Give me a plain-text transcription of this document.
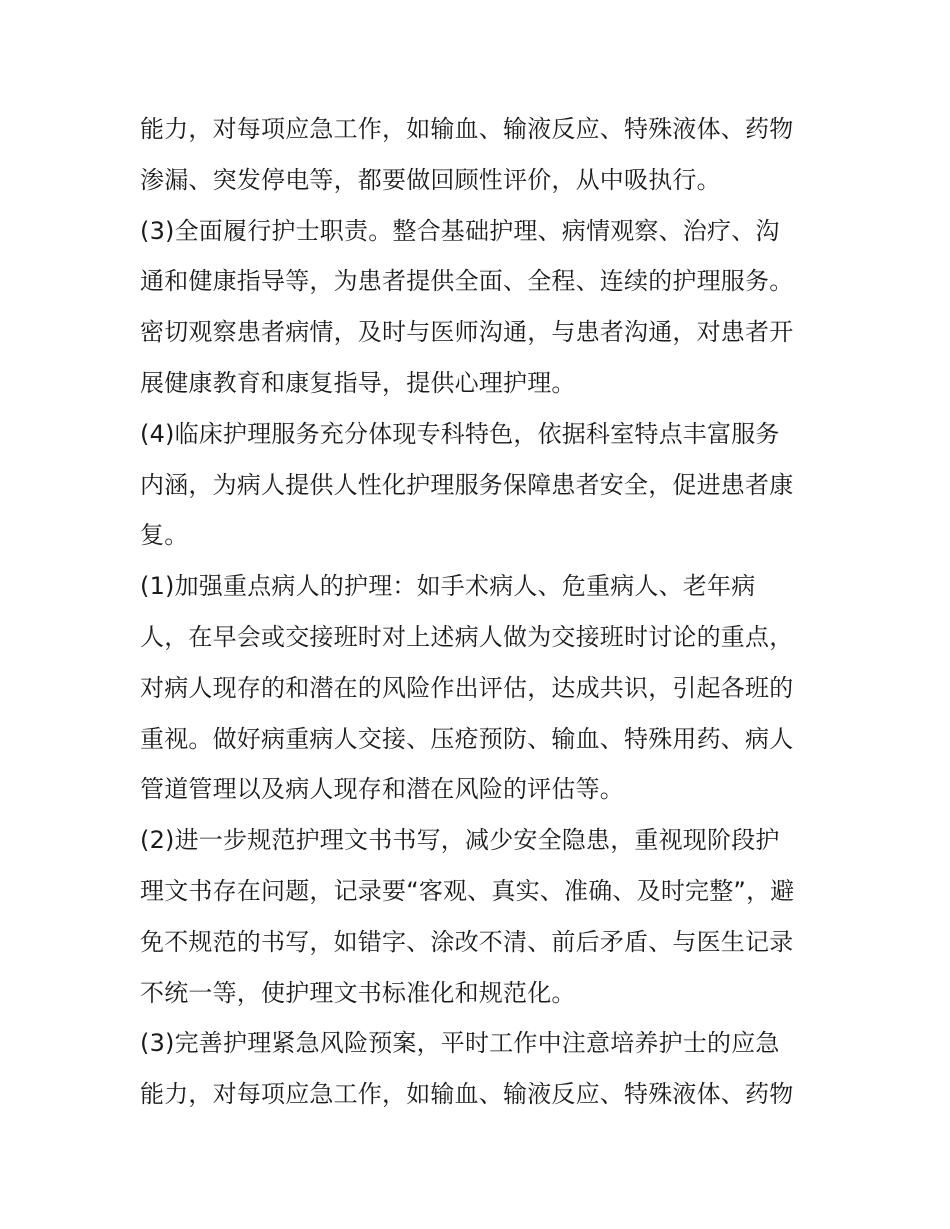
能力，对每项应急工作，如输血、输液反应、特殊液体、药物
渗漏、突发停电等，都要做回顾性评价，从中吸执行。
(3)全面履行护士职责。整合基础护理、病情观察、治疗、沟
通和健康指导等，为患者提供全面、全程、连续的护理服务。
密切观察患者病情，及时与医师沟通，与患者沟通，对患者开
展健康教育和康复指导，提供心理护理。
(4)临床护理服务充分体现专科特色，依据科室特点丰富服务
内涵，为病人提供人性化护理服务保障患者安全，促进患者康
复。
(1)加强重点病人的护理：如手术病人、危重病人、老年病
人，在早会或交接班时对上述病人做为交接班时讨论的重点，
对病人现存的和潜在的风险作出评估，达成共识，引起各班的
重视。做好病重病人交接、压疮预防、输血、特殊用药、病人
管道管理以及病人现存和潜在风险的评估等。
(2)进一步规范护理文书书写，减少安全隐患，重视现阶段护
理文书存在问题，记录要“客观、真实、准确、及时完整”，避
免不规范的书写，如错字、涂改不清、前后矛盾、与医生记录
不统一等，使护理文书标准化和规范化。
(3)完善护理紧急风险预案，平时工作中注意培养护士的应急
能力，对每项应急工作，如输血、输液反应、特殊液体、药物
